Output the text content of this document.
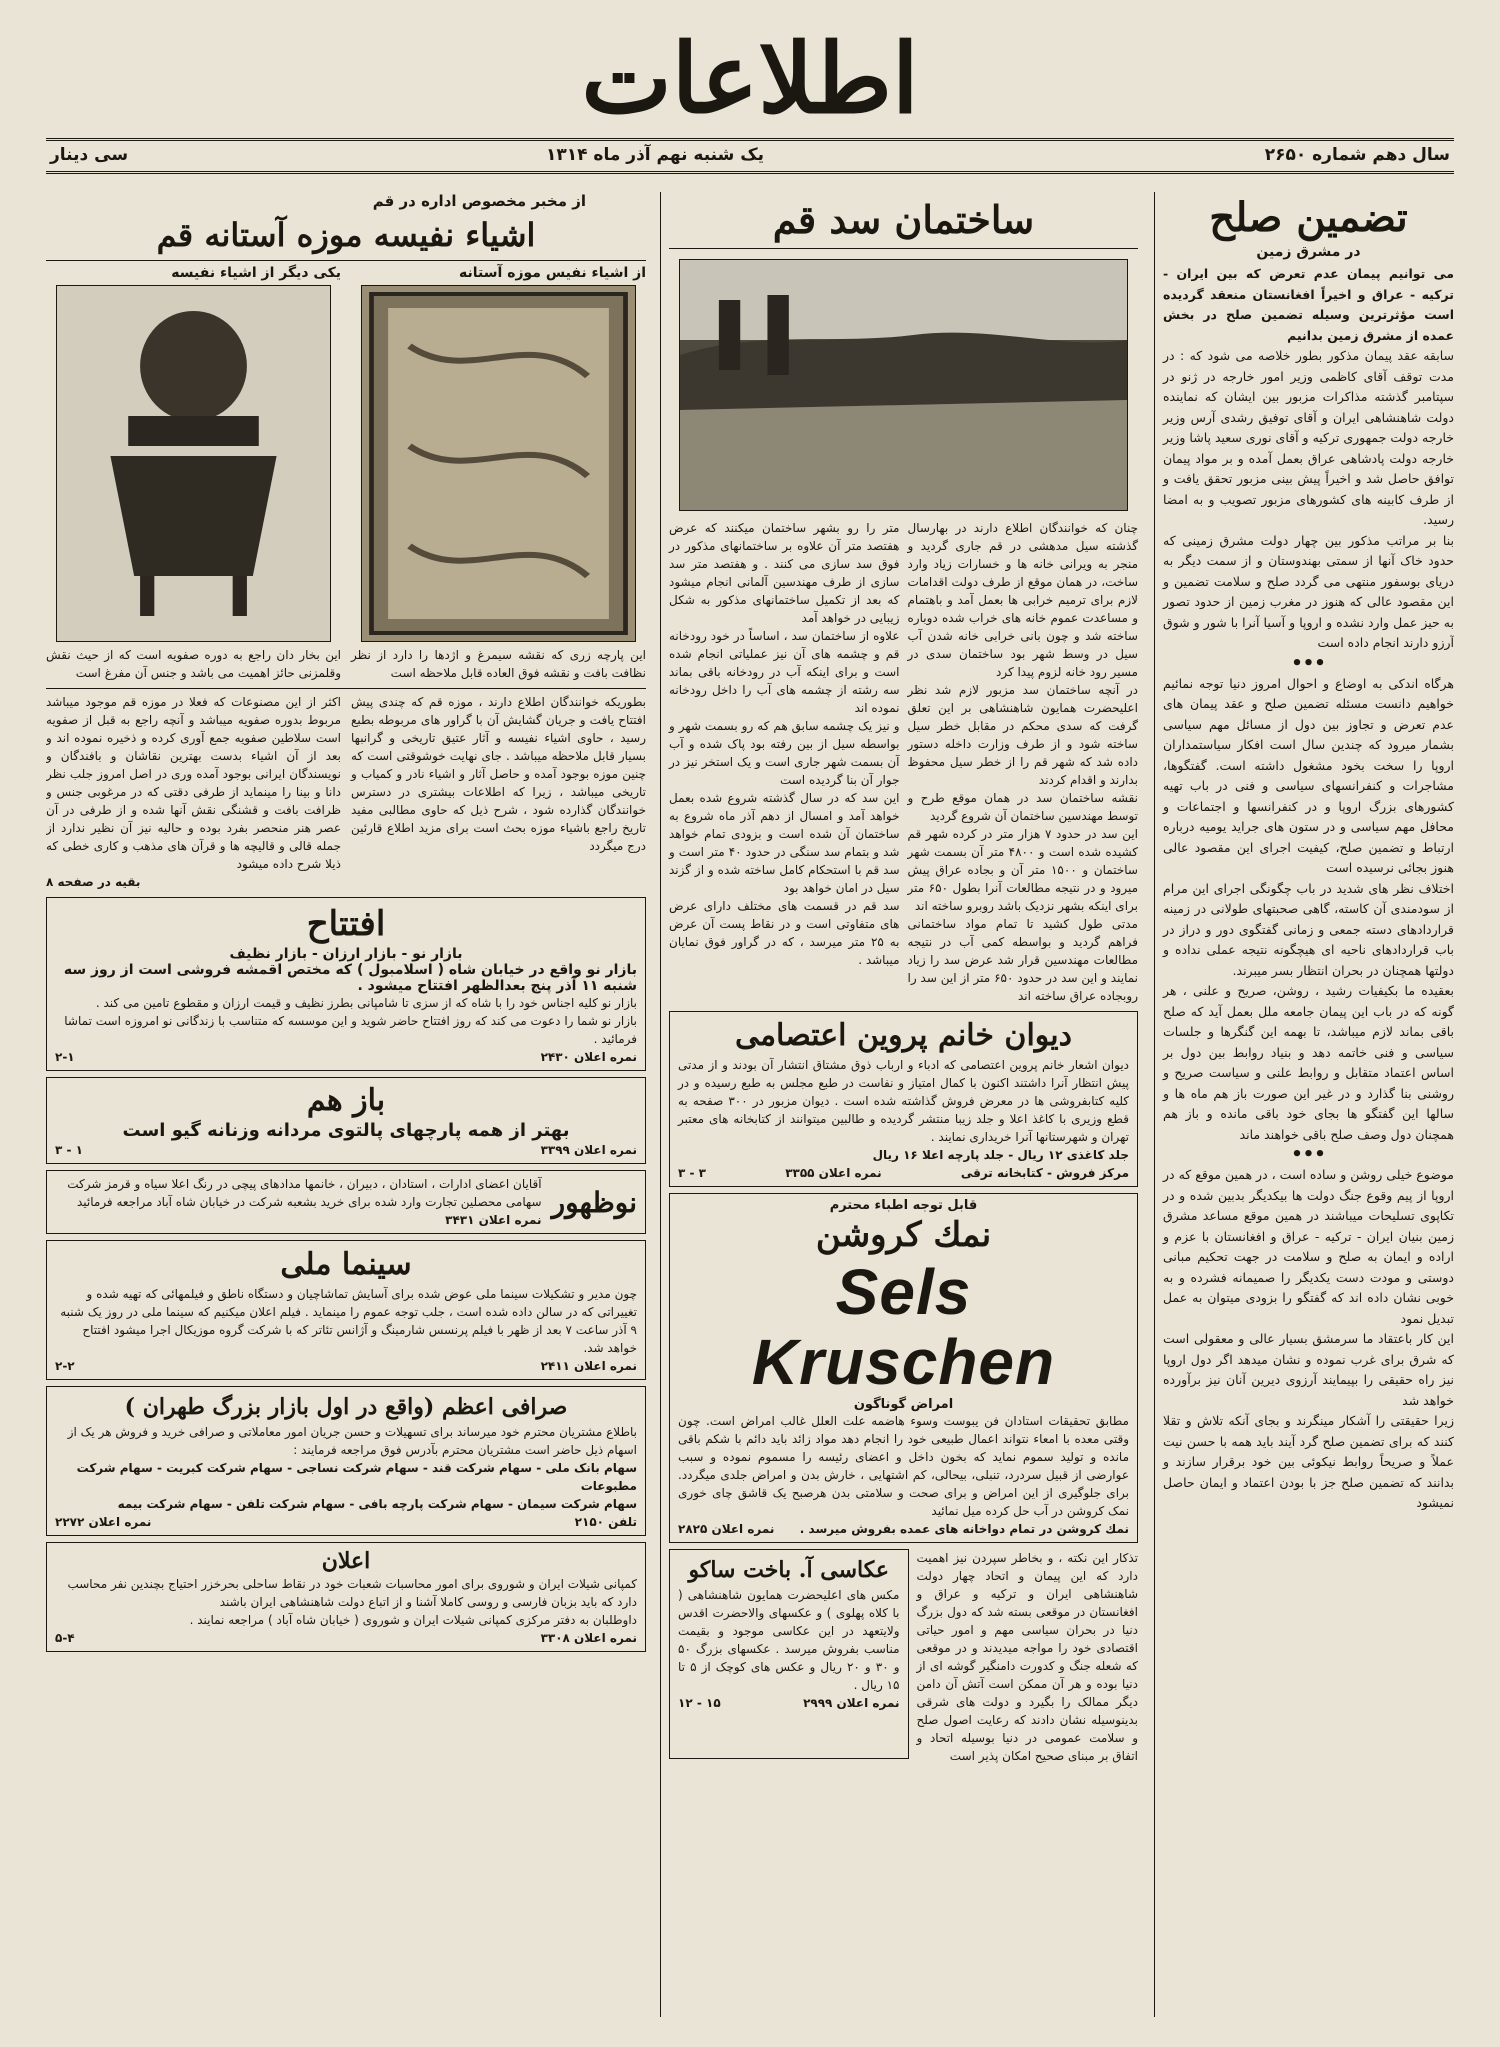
اطلاعات
سال دهم شماره ۲۶۵۰
یک شنبه نهم آذر ماه ۱۳۱۴
سی دینار
تضمین صلح
در مشرق زمین
می توانیم پیمان عدم تعرض که بین ایران - ترکیه - عراق و اخیراً افغانستان منعقد گردیده است مؤثرترین وسیله تضمین صلح در بخش عمده از مشرق زمین بدانیم
سابقه عقد پیمان مذکور بطور خلاصه می شود که : در مدت توقف آقای کاظمی وزیر امور خارجه در ژنو در سپتامبر گذشته مذاکرات مزبور بین ایشان که نماینده دولت شاهنشاهی ایران و آقای توفیق رشدی آرس وزیر خارجه دولت جمهوری ترکیه و آقای نوری سعید پاشا وزیر خارجه دولت پادشاهی عراق بعمل آمده و بر مواد پیمان توافق حاصل شد و اخیراً پیش بینی مزبور تحقق یافت و از طرف کابینه های کشورهای مزبور تصویب و به امضا رسید.
بنا بر مراتب مذکور بین چهار دولت مشرق زمینی که حدود خاک آنها از سمتی بهندوستان و از سمت دیگر به دریای بوسفور منتهی می گردد صلح و سلامت تضمین و این مقصود عالی که هنوز در مغرب زمین از حدود تصور به حیز عمل وارد نشده و اروپا و آسیا آنرا با شور و شوق آرزو دارند انجام داده است
•••
هرگاه اندکی به اوضاع و احوال امروز دنیا توجه نمائیم خواهیم دانست مسئله تضمین صلح و عقد پیمان های عدم تعرض و تجاوز بین دول از مسائل مهم سیاسی بشمار میرود که چندین سال است افکار سیاستمداران اروپا را سخت بخود مشغول داشته است. گفتگوها، مشاجرات و کنفرانسهای سیاسی و فنی در باب تهیه کشورهای بزرگ اروپا و در کنفرانسها و اجتماعات و محافل مهم سیاسی و در ستون های جراید یومیه درباره ارتباط و تضمین صلح، کیفیت اجرای این مقصود عالی هنوز بجائی نرسیده است
اختلاف نظر های شدید در باب چگونگی اجرای این مرام از سودمندی آن کاسته، گاهی صحبتهای طولانی در زمینه قراردادهای دسته جمعی و زمانی گفتگوی دور و دراز در باب قراردادهای ناحیه ای هیچگونه نتیجه عملی نداده و دولتها همچنان در بحران انتظار بسر میبرند.
بعقیده ما بکیفیات رشید ، روشن، صریح و علنی ، هر گونه که در باب این پیمان جامعه ملل بعمل آید که صلح باقی بماند لازم میباشد، تا بهمه این گنگرها و جلسات سیاسی و فنی خاتمه دهد و بنیاد روابط بین دول بر اساس اعتماد متقابل و روابط علنی و سیاست صریح و روشنی بنا گذارد و در غیر این صورت باز هم ماه ها و سالها این گفتگو ها بجای خود باقی مانده و باز هم همچنان دول وصف صلح باقی خواهند ماند
•••
موضوع خیلی روشن و ساده است ، در همین موقع که در اروپا از پیم وقوع جنگ دولت ها بیکدیگر بدبین شده و در تکاپوی تسلیحات میباشند در همین موقع مساعد مشرق زمین بنیان ایران - ترکیه - عراق و افغانستان با عزم و اراده و ایمان به صلح و سلامت در جهت تحکیم مبانی دوستی و مودت دست یکدیگر را صمیمانه فشرده و به خوبی نشان داده اند که گفتگو را بزودی میتوان به عمل تبدیل نمود
این کار باعتقاد ما سرمشق بسیار عالی و معقولی است که شرق برای غرب نموده و نشان میدهد اگر دول اروپا نیز راه حقیقی را بپیمایند آرزوی دیرین آنان نیز برآورده خواهد شد
زیرا حقیقتی را آشکار مینگرند و بجای آنکه تلاش و تقلا کنند که برای تضمین صلح گرد آیند باید همه با حسن نیت عملاً و صریحاً روابط نیکوئی بین خود برقرار سازند و بدانند که تضمین صلح جز با بودن اعتماد و ایمان حاصل نمیشود
ساختمان سد قم
چنان که خوانندگان اطلاع دارند در بهارسال گذشته سیل مدهشی در قم جاری گردید و منجر به ویرانی خانه ها و خسارات زیاد وارد ساخت، در همان موقع از طرف دولت اقدامات لازم برای ترمیم خرابی ها بعمل آمد و باهتمام و مساعدت عموم خانه های خراب شده دوباره ساخته شد و چون بانی خرابی خانه شدن آب سیل در وسط شهر بود ساختمان سدی در مسیر رود خانه لزوم پیدا کرد
در آنچه ساختمان سد مزبور لازم شد نظر اعلیحضرت همایون شاهنشاهی بر این تعلق گرفت که سدی محکم در مقابل خطر سیل ساخته شود و از طرف وزارت داخله دستور داده شد که شهر قم را از خطر سیل محفوظ بدارند و اقدام کردند
نقشه ساختمان سد در همان موقع طرح و توسط مهندسین ساختمان آن شروع گردید
این سد در حدود ۷ هزار متر در کرده شهر قم کشیده شده است و ۴۸۰۰ متر آن بسمت شهر ساختمان و ۱۵۰۰ متر آن و بجاده عراق پیش میرود و در نتیجه مطالعات آنرا بطول ۶۵۰ متر برای اینکه بشهر نزدیک باشد روبرو ساخته اند
مدتی طول کشید تا تمام مواد ساختمانی فراهم گردید و بواسطه کمی آب در نتیجه مطالعات مهندسین قرار شد عرض سد را زیاد نمایند و این سد در حدود ۶۵۰ متر از این سد را روبجاده عراق ساخته اند
متر را رو بشهر ساختمان میکنند که عرض هفتصد متر آن علاوه بر ساختمانهای مذکور در فوق سد سازی می کنند . و هفتصد متر سد سازی از طرف مهندسین آلمانی انجام میشود که بعد از تکمیل ساختمانهای مذکور به شکل زیبایی در خواهد آمد
علاوه از ساختمان سد ، اساساً در خود رودخانه قم و چشمه های آن نیز عملیاتی انجام شده است و برای اینکه آب در رودخانه باقی بماند سه رشته از چشمه های آب را داخل رودخانه نموده اند
و نیز یک چشمه سابق هم که رو بسمت شهر و بواسطه سیل از بین رفته بود پاک شده و آب آن بسمت شهر جاری است و یک استخر نیز در جوار آن بنا گردیده است
این سد که در سال گذشته شروع شده بعمل خواهد آمد و امسال از دهم آذر ماه شروع به ساختمان آن شده است و بزودی تمام خواهد شد و بتمام سد سنگی در حدود ۴۰ متر است و سد قم با استحکام کامل ساخته شده و از گزند سیل در امان خواهد بود
سد قم در قسمت های مختلف دارای عرض های متفاوتی است و در نقاط پست آن عرض به ۲۵ متر میرسد ، که در گراور فوق نمایان میباشد .
دیوان خانم پروین اعتصامی
دیوان اشعار خانم پروین اعتصامی که ادباء و ارباب ذوق مشتاق انتشار آن بودند و از مدتی پیش انتظار آنرا داشتند اکنون با کمال امتیاز و نفاست در طبع مجلس به طبع رسیده و در کلیه کتابفروشی ها در معرض فروش گذاشته شده است . دیوان مزبور در ۳۰۰ صفحه به قطع وزیری با کاغذ اعلا و جلد زیبا منتشر گردیده و طالبین میتوانند از کتابخانه های معتبر تهران و شهرستانها آنرا خریداری نمایند .
جلد کاغذی ۱۲ ریال - جلد پارچه اعلا ۱۶ ریال
مرکز فروش - کتابخانه ترقی
نمره اعلان ۳۳۵۵
۳ - ۳
قابل توجه اطباء محترم
نمك كروشن
Sels Kruschen
امراض گوناگون
مطابق تحقیقات استادان فن یبوست وسوء هاضمه علت العلل غالب امراض است. چون وقتی معده با امعاء نتواند اعمال طبیعی خود را انجام دهد مواد زائد باید دائم با شکم باقی مانده و تولید سموم نماید که بخون داخل و اعضای رئیسه را مسموم نموده و سبب عوارضی از قبیل سردرد، تنبلی، بیحالی، کم اشتهایی ، خارش بدن و امراض جلدی میگردد. برای جلوگیری از این امراض و برای صحت و سلامتی بدن هرصبح یک قاشق چای خوری نمک کروشن در آب حل کرده میل نمائید
نمك کروشن در تمام دواخانه های عمده بفروش میرسد .
نمره اعلان ۲۸۲۵
تذکار این نکته ، و بخاطر سپردن نیز اهمیت دارد که این پیمان و اتحاد چهار دولت شاهنشاهی ایران و ترکیه و عراق و افغانستان در موقعی بسته شد که دول بزرگ دنیا در بحران سیاسی مهم و امور حیاتی اقتصادی خود را مواجه میدیدند و در موقعی که شعله جنگ و کدورت دامنگیر گوشه ای از دنیا بوده و هر آن ممکن است آتش آن دامن دیگر ممالک را بگیرد و دولت های شرقی بدینوسیله نشان دادند که رعایت اصول صلح و سلامت عمومی در دنیا بوسیله اتحاد و اتفاق بر مبنای صحیح امکان پذیر است
عکاسی آ. باخت ساکو
مکس های اعلیحضرت همایون شاهنشاهی ( با کلاه پهلوی ) و عکسهای والاحضرت اقدس ولایتعهد در این عکاسی موجود و بقیمت مناسب بفروش میرسد . عکسهای بزرگ ۵۰ و ۳۰ و ۲۰ ریال و عکس های کوچک از ۵ تا ۱۵ ریال .
نمره اعلان ۲۹۹۹
۱۵ - ۱۲
از مخبر مخصوص اداره در قم
اشیاء نفیسه موزه آستانه قم
از اشیاء نفیس موزه آستانه
این پارچه زری که نقشه سیمرغ و اژدها را دارد از نظر نظافت بافت و نقشه فوق العاده قابل ملاحظه است
یکی دیگر از اشیاء نفیسه
این بخار دان راجع به دوره صفویه است که از حیث نقش وقلمزنی حائز اهمیت می باشد و جنس آن مفرغ است
بطوریکه خوانندگان اطلاع دارند ، موزه قم که چندی پیش افتتاح یافت و جریان گشایش آن با گراور های مربوطه بطبع رسید ، حاوی اشیاء نفیسه و آثار عتیق تاریخی و گرانبها بسیار قابل ملاحظه میباشد . جای نهایت خوشوقتی است که چنین موزه بوجود آمده و حاصل آثار و اشیاء نادر و کمیاب و تاریخی میباشد ، زیرا که اطلاعات بیشتری در دسترس خوانندگان گذارده شود ، شرح ذیل که حاوی مطالبی مفید تاریخ راجع باشیاء موزه بحث است برای مزید اطلاع قارئین درج میگردد
اکثر از این مصنوعات که فعلا در موزه قم موجود میباشد مربوط بدوره صفویه میباشد و آنچه راجع به قبل از صفویه است سلاطین صفویه جمع آوری کرده و ذخیره نموده اند و بعد از آن اشیاء بدست بهترین نقاشان و بافندگان و نویسندگان ایرانی بوجود آمده وری در اصل امروز جلب نظر دانا و بینا را مینماید از طرفی دقتی که در مرغوبی جنس و ظرافت بافت و قشنگی نقش آنها شده و از طرفی در آن عصر هنر منحصر بفرد بوده و حالیه نیز آن نظیر ندارد از جمله قالی و قالیچه ها و قرآن های مذهب و کاری خطی که ذیلا شرح داده میشود
بقیه در صفحه ۸
افتتاح
بازار نو - بازار ارزان - بازار نظیف
بازار نو واقع در خیابان شاه ( اسلامبول ) که مختص اقمشه فروشی است از روز سه
شنبه ۱۱ آذر پنج بعدالظهر افتتاح میشود .
بازار نو کلیه اجناس خود را با شاه که از سزی تا شامپانی بطرز نظیف و قیمت ارزان و مقطوع تامین می کند .
بازار نو شما را دعوت می کند که روز افتتاح حاضر شوید و این موسسه که متناسب با زندگانی نو امروزه است تماشا فرمائید .
نمره اعلان ۲۴۳۰
۲-۱
باز هم
بهتر از همه پارچهای پالتوی مردانه وزنانه گیو است
نمره اعلان ۳۳۹۹
۱ - ۳
نوظهور
آقایان اعضای ادارات ، استادان ، دبیران ، خانمها مدادهای پیچی در رنگ اعلا سیاه و قرمز شرکت سهامی محصلین تجارت وارد شده برای خرید بشعبه شرکت در خیابان شاه آباد مراجعه فرمائید
نمره اعلان ۳۴۳۱
سینما ملی
چون مدیر و تشکیلات سینما ملی عوض شده برای آسایش تماشاچیان و دستگاه ناطق و فیلمهائی که تهیه شده و تغییراتی که در سالن داده شده است ، جلب توجه عموم را مینماید . فیلم اعلان میکنیم که سینما ملی در روز یک شنبه ۹ آذر ساعت ۷ بعد از ظهر با فیلم پرنسس شارمینگ و آژانس تئاتر که با شرکت گروه موزیکال اجرا میشود افتتاح خواهد شد.
نمره اعلان ۲۴۱۱
۲-۲
صرافی اعظم (واقع در اول بازار بزرگ طهران )
باطلاع مشتریان محترم خود میرساند برای تسهیلات و حسن جریان امور معاملاتی و صرافی خرید و فروش هر یک از اسهام ذیل حاضر است مشتریان محترم بآدرس فوق مراجعه فرمایند :
سهام بانک ملی - سهام شرکت قند - سهام شرکت نساجی - سهام شرکت کبریت - سهام شرکت مطبوعات
سهام شرکت سیمان - سهام شرکت پارچه بافی - سهام شرکت تلفن - سهام شرکت بیمه
تلفن ۲۱۵۰
نمره اعلان ۲۲۷۲
اعلان
کمپانی شیلات ایران و شوروی برای امور محاسبات شعبات خود در نقاط ساحلی بحرخزر احتیاج بچندین نفر محاسب دارد که باید بزبان فارسی و روسی کاملا آشنا و از اتباع دولت شاهنشاهی ایران باشند
داوطلبان به دفتر مرکزی کمپانی شیلات ایران و شوروی ( خیابان شاه آباد ) مراجعه نمایند .
نمره اعلان ۳۳۰۸
۵-۴
